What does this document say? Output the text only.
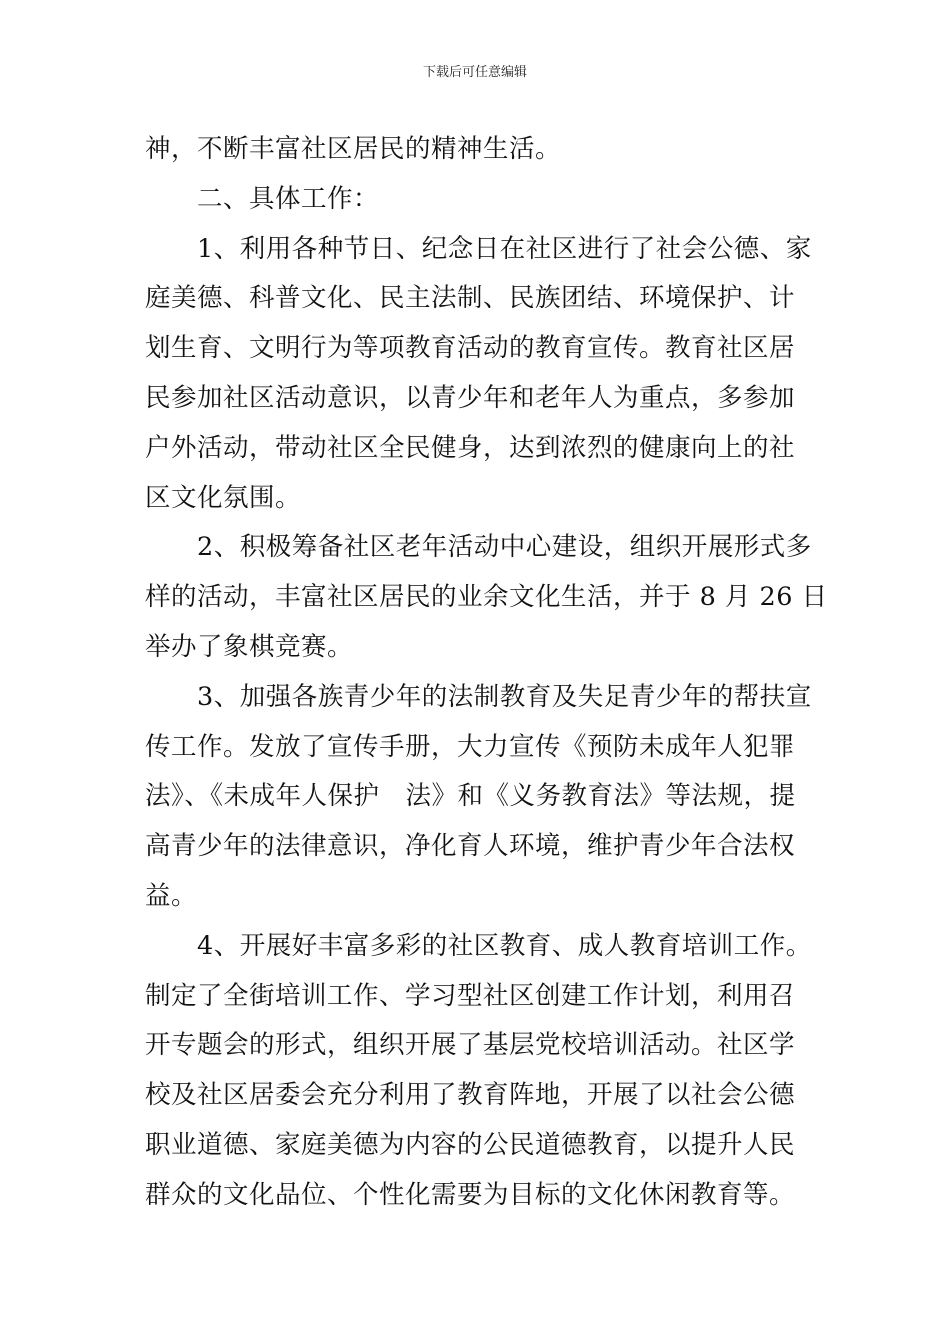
下载后可任意编辑
神，不断丰富社区居民的精神生活。
二、具体工作：
1、利用各种节日、纪念日在社区进行了社会公德、家
庭美德、科普文化、民主法制、民族团结、环境保护、计
划生育、文明行为等项教育活动的教育宣传。教育社区居
民参加社区活动意识，以青少年和老年人为重点，多参加
户外活动，带动社区全民健身，达到浓烈的健康向上的社
区文化氛围。
2、积极筹备社区老年活动中心建设，组织开展形式多
样的活动，丰富社区居民的业余文化生活，并于 8 月 26 日
举办了象棋竞赛。
3、加强各族青少年的法制教育及失足青少年的帮扶宣
传工作。发放了宣传手册，大力宣传《预防未成年人犯罪
法》、《未成年人保护　法》和《义务教育法》等法规，提
高青少年的法律意识，净化育人环境，维护青少年合法权
益。
4、开展好丰富多彩的社区教育、成人教育培训工作。
制定了全街培训工作、学习型社区创建工作计划，利用召
开专题会的形式，组织开展了基层党校培训活动。社区学
校及社区居委会充分利用了教育阵地，开展了以社会公德
职业道德、家庭美德为内容的公民道德教育，以提升人民
群众的文化品位、个性化需要为目标的文化休闲教育等。
